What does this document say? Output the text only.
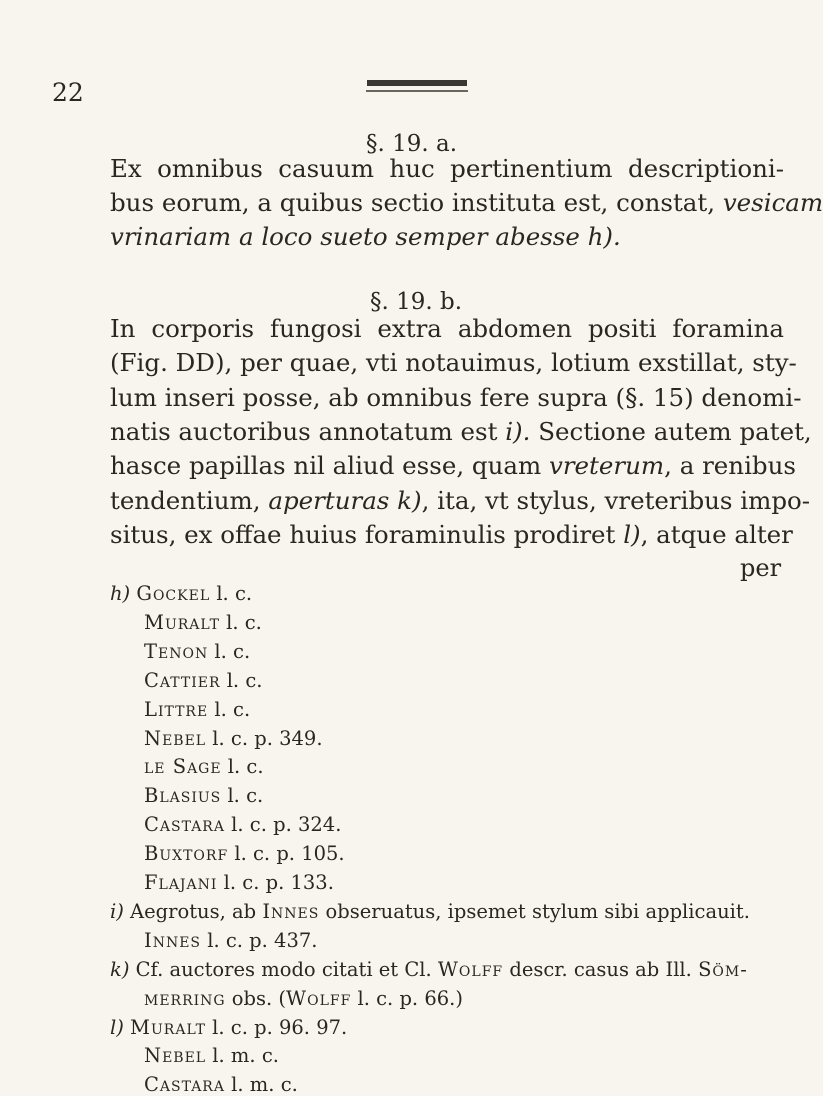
22
§. 19. a.
Ex omnibus casuum huc pertinentium descriptioni-
bus eorum, a quibus sectio instituta est, constat, vesicam
vrinariam a loco sueto semper abesse h).
§. 19. b.
In corporis fungosi extra abdomen positi foramina
(Fig. DD), per quae, vti notauimus, lotium exstillat, sty-
lum inseri posse, ab omnibus fere supra (§. 15) denomi-
natis auctoribus annotatum est i). Sectione autem patet,
hasce papillas nil aliud esse, quam vreterum, a renibus
tendentium, aperturas k), ita, vt stylus, vreteribus impo-
situs, ex offae huius foraminulis prodiret l), atque alter
per
h) Gockel l. c.
Muralt l. c.
Tenon l. c.
Cattier l. c.
Littre l. c.
Nebel l. c. p. 349.
le Sage l. c.
Blasius l. c.
Castara l. c. p. 324.
Buxtorf l. c. p. 105.
Flajani l. c. p. 133.
i) Aegrotus, ab Innes obseruatus, ipsemet stylum sibi applicauit.
Innes l. c. p. 437.
k) Cf. auctores modo citati et Cl. Wolff descr. casus ab Ill. Söm-
merring obs. (Wolff l. c. p. 66.)
l) Muralt l. c. p. 96. 97.
Nebel l. m. c.
Castara l. m. c.
